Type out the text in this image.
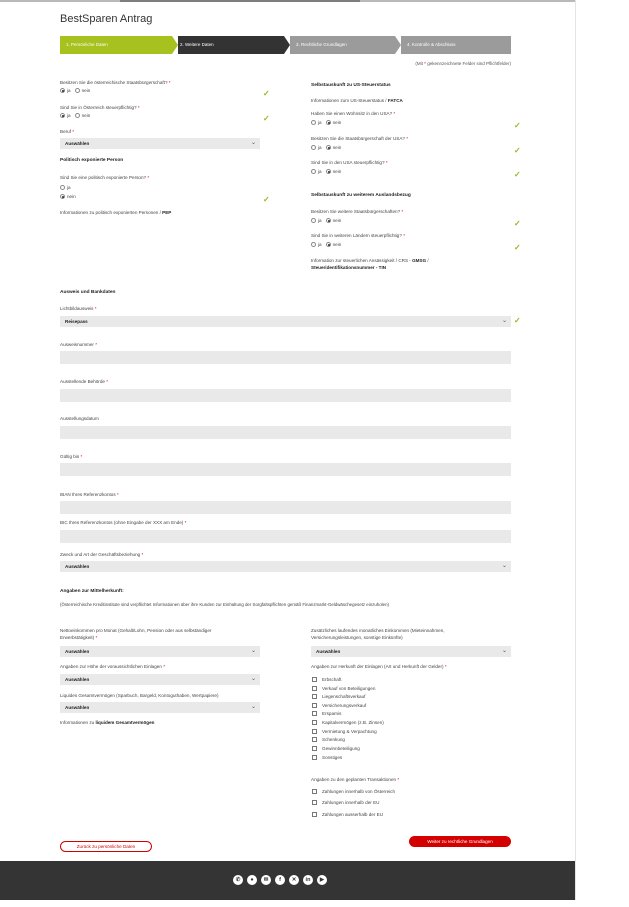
BestSparen Antrag
1. Persönliche Daten	2. Weitere Daten	3. Rechtliche Grundlagen	4. Kontrolle & Abschluss
(Mit * gekennzeichnete Felder sind Pflichtfelder)
Besitzen Sie die österreichische Staatsbürgerschaft? *
ja nein	✓
Sind Sie in Österreich steuerpflichtig? *
ja nein	✓
Beruf *
Auswählen	⌄
Politisch exponierte Person
Sind Sie eine politisch exponierte Person? *
ja
nein	✓
Informationen zu politisch exponierten Personen / PEP
Selbstauskunft zu US-Steuerstatus
Informationen zum US-Steuerstatus / FATCA
Haben Sie einen Wohnsitz in den USA? *
ja nein	✓
Besitzen Sie die Staatsbürgerschaft der USA? *
ja nein	✓
Sind Sie in den USA steuerpflichtig? *
ja nein	✓
Selbstauskunft zu weiterem Auslandsbezug
Besitzen Sie weitere Staatsbürgerschaften? *
ja nein	✓
Sind Sie in weiteren Ländern steuerpflichtig? *
ja nein	✓
Information zur steuerlichen Ansässigkeit / CRS - GMSG /
Steueridentifikationsnummer - TIN
Ausweis und Bankdaten
Lichtbildausweis *
Reisepass	⌄ ✓
Ausweisnummer *
Ausstellende Behörde *
Ausstellungsdatum
Gültig bis *
IBAN Ihres Referenzkontos *
BIC Ihres Referenzkontos (ohne Eingabe der XXX am Ende) *
Zweck und Art der Geschäftsbeziehung *
Auswählen	⌄
Angaben zur Mittelherkunft:
(Österreichische Kreditinstitute sind verpflichtet Informationen über ihre Kunden zur Einhaltung der Sorgfaltspflichten gemäß Finanzmarkt-Geldwäschegesetz einzuholen)
Nettoeinkommen pro Monat (Gehalt/Lohn, Pension oder aus selbständiger
Erwerbstätigkeit) *
Auswählen	⌄
Angaben zur Höhe der voraussichtlichen Einlagen *
Auswählen	⌄
Liquides Gesamtvermögen (Sparbuch, Bargeld, Kontoguthaben, Wertpapiere)
Auswählen	⌄
Informationen zu liquidem Gesamtvermögen
Zusätzliches laufendes monatliches Einkommen (Mieteinnahmen,
Versicherungsleistungen, sonstige Einkünfte)
Auswählen	⌄
Angaben zur Herkunft der Einlagen (Art und Herkunft der Gelder) *
Erbschaft
Verkauf von Beteiligungen
Liegenschaftsverkauf
Versicherungsverkauf
Ersparnis
Kapitalvermögen (z.B. Zinsen)
Vermietung & Verpachtung
Schenkung
Gewinnbeteiligung
Sonstiges
Angaben zu den geplanten Transaktionen *
Zahlungen innerhalb von Österreich
Zahlungen innerhalb der EU
Zahlungen ausserhalb der EU
Zurück zu persönliche Daten
Weiter zu rechtliche Grundlagen
✆	●	✉	f	✕	in	▶
